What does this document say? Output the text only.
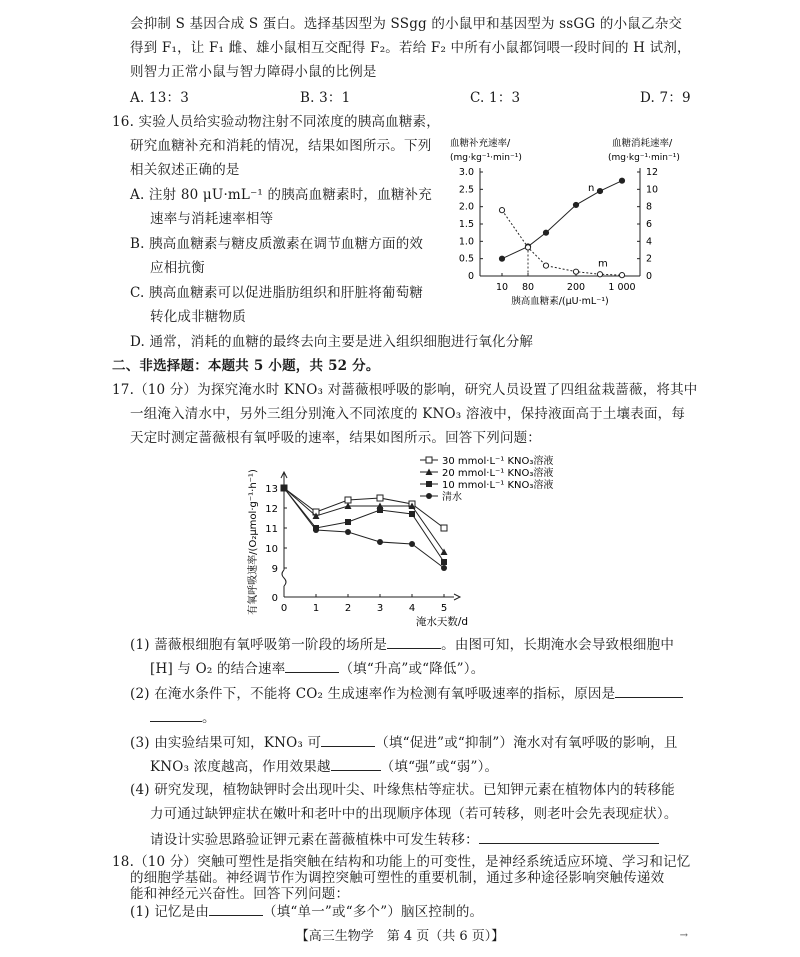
会抑制 S 基因合成 S 蛋白。选择基因型为 SSgg 的小鼠甲和基因型为 ssGG 的小鼠乙杂交
得到 F₁，让 F₁ 雌、雄小鼠相互交配得 F₂。若给 F₂ 中所有小鼠都饲喂一段时间的 H 试剂，
则智力正常小鼠与智力障碍小鼠的比例是
A. 13：3	B. 3：1	C. 1：3	D. 7：9
16. 实验人员给实验动物注射不同浓度的胰高血糖素，
研究血糖补充和消耗的情况，结果如图所示。下列
相关叙述正确的是
A. 注射 80 μU·mL⁻¹ 的胰高血糖素时，血糖补充
速率与消耗速率相等
B. 胰高血糖素与糖皮质激素在调节血糖方面的效
应相抗衡
C. 胰高血糖素可以促进脂肪组织和肝脏将葡萄糖
转化成非糖物质
D. 通常，消耗的血糖的最终去向主要是进入组织细胞进行氧化分解
血糖补充速率/
(mg·kg⁻¹·min⁻¹)
血糖消耗速率/
(mg·kg⁻¹·min⁻¹)
0
0.5
1.0
1.5
2.0
2.5
3.0
0
2
4
6
8
10
12
10 80	200 1 000
胰高血糖素/(μU·mL⁻¹)
n
m
二、非选择题：本题共 5 小题，共 52 分。
17.（10 分）为探究淹水时 KNO₃ 对蔷薇根呼吸的影响，研究人员设置了四组盆栽蔷薇，将其中
一组淹入清水中，另外三组分别淹入不同浓度的 KNO₃ 溶液中，保持液面高于土壤表面，每
天定时测定蔷薇根有氧呼吸的速率，结果如图所示。回答下列问题：
13
12
11
10
9
0
0	1	2	3	4	5
淹水天数/d
有氧呼吸速率/(O₂μmol·g⁻¹·h⁻¹)
30 mmol·L⁻¹ KNO₃溶液
20 mmol·L⁻¹ KNO₃溶液
10 mmol·L⁻¹ KNO₃溶液
清水
(1) 蔷薇根细胞有氧呼吸第一阶段的场所是	。由图可知，长期淹水会导致根细胞中
[H] 与 O₂ 的结合速率	（填“升高”或“降低”）。
(2) 在淹水条件下，不能将 CO₂ 生成速率作为检测有氧呼吸速率的指标，原因是
。
(3) 由实验结果可知，KNO₃ 可	（填“促进”或“抑制”）淹水对有氧呼吸的影响，且
KNO₃ 浓度越高，作用效果越	（填“强”或“弱”）。
(4) 研究发现，植物缺钾时会出现叶尖、叶缘焦枯等症状。已知钾元素在植物体内的转移能
力可通过缺钾症状在嫩叶和老叶中的出现顺序体现（若可转移，则老叶会先表现症状）。
请设计实验思路验证钾元素在蔷薇植株中可发生转移：
18.（10 分）突触可塑性是指突触在结构和功能上的可变性，是神经系统适应环境、学习和记忆
的细胞学基础。神经调节作为调控突触可塑性的重要机制，通过多种途径影响突触传递效
能和神经元兴奋性。回答下列问题：
【高三生物学　第 4 页（共 6 页）】	→
(1) 记忆是由	（填“单一”或“多个”）脑区控制的。
